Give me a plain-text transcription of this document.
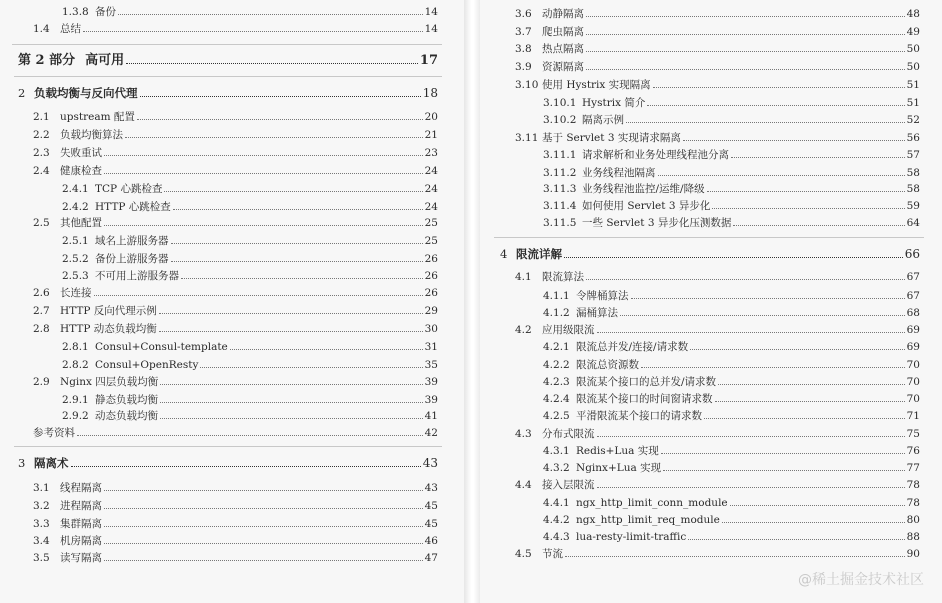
1.3.8 备份	14
1.4 总结	14
第 2 部分 高可用	17
2 负载均衡与反向代理	18
2.1 upstream 配置	20
2.2 负载均衡算法	21
2.3 失败重试	23
2.4 健康检查	24
2.4.1 TCP 心跳检查	24
2.4.2 HTTP 心跳检查	24
2.5 其他配置	25
2.5.1 域名上游服务器	25
2.5.2 备份上游服务器	26
2.5.3 不可用上游服务器	26
2.6 长连接	26
2.7 HTTP 反向代理示例	29
2.8 HTTP 动态负载均衡	30
2.8.1 Consul+Consul-template	31
2.8.2 Consul+OpenResty	35
2.9 Nginx 四层负载均衡	39
2.9.1 静态负载均衡	39
2.9.2 动态负载均衡	41
参考资料	42
3 隔离术	43
3.1 线程隔离	43
3.2 进程隔离	45
3.3 集群隔离	45
3.4 机房隔离	46
3.5 读写隔离	47
3.6 动静隔离	48
3.7 爬虫隔离	49
3.8 热点隔离	50
3.9 资源隔离	50
3.10 使用 Hystrix 实现隔离	51
3.10.1 Hystrix 简介	51
3.10.2 隔离示例	52
3.11 基于 Servlet 3 实现请求隔离	56
3.11.1 请求解析和业务处理线程池分离	57
3.11.2 业务线程池隔离	58
3.11.3 业务线程池监控/运维/降级	58
3.11.4 如何使用 Servlet 3 异步化	59
3.11.5 一些 Servlet 3 异步化压测数据	64
4 限流详解	66
4.1 限流算法	67
4.1.1 令牌桶算法	67
4.1.2 漏桶算法	68
4.2 应用级限流	69
4.2.1 限流总并发/连接/请求数	69
4.2.2 限流总资源数	70
4.2.3 限流某个接口的总并发/请求数	70
4.2.4 限流某个接口的时间窗请求数	70
4.2.5 平滑限流某个接口的请求数	71
4.3 分布式限流	75
4.3.1 Redis+Lua 实现	76
4.3.2 Nginx+Lua 实现	77
4.4 接入层限流	78
4.4.1 ngx_http_limit_conn_module	78
4.4.2 ngx_http_limit_req_module	80
4.4.3 lua-resty-limit-traffic	88
4.5 节流	90
@稀土掘金技术社区
